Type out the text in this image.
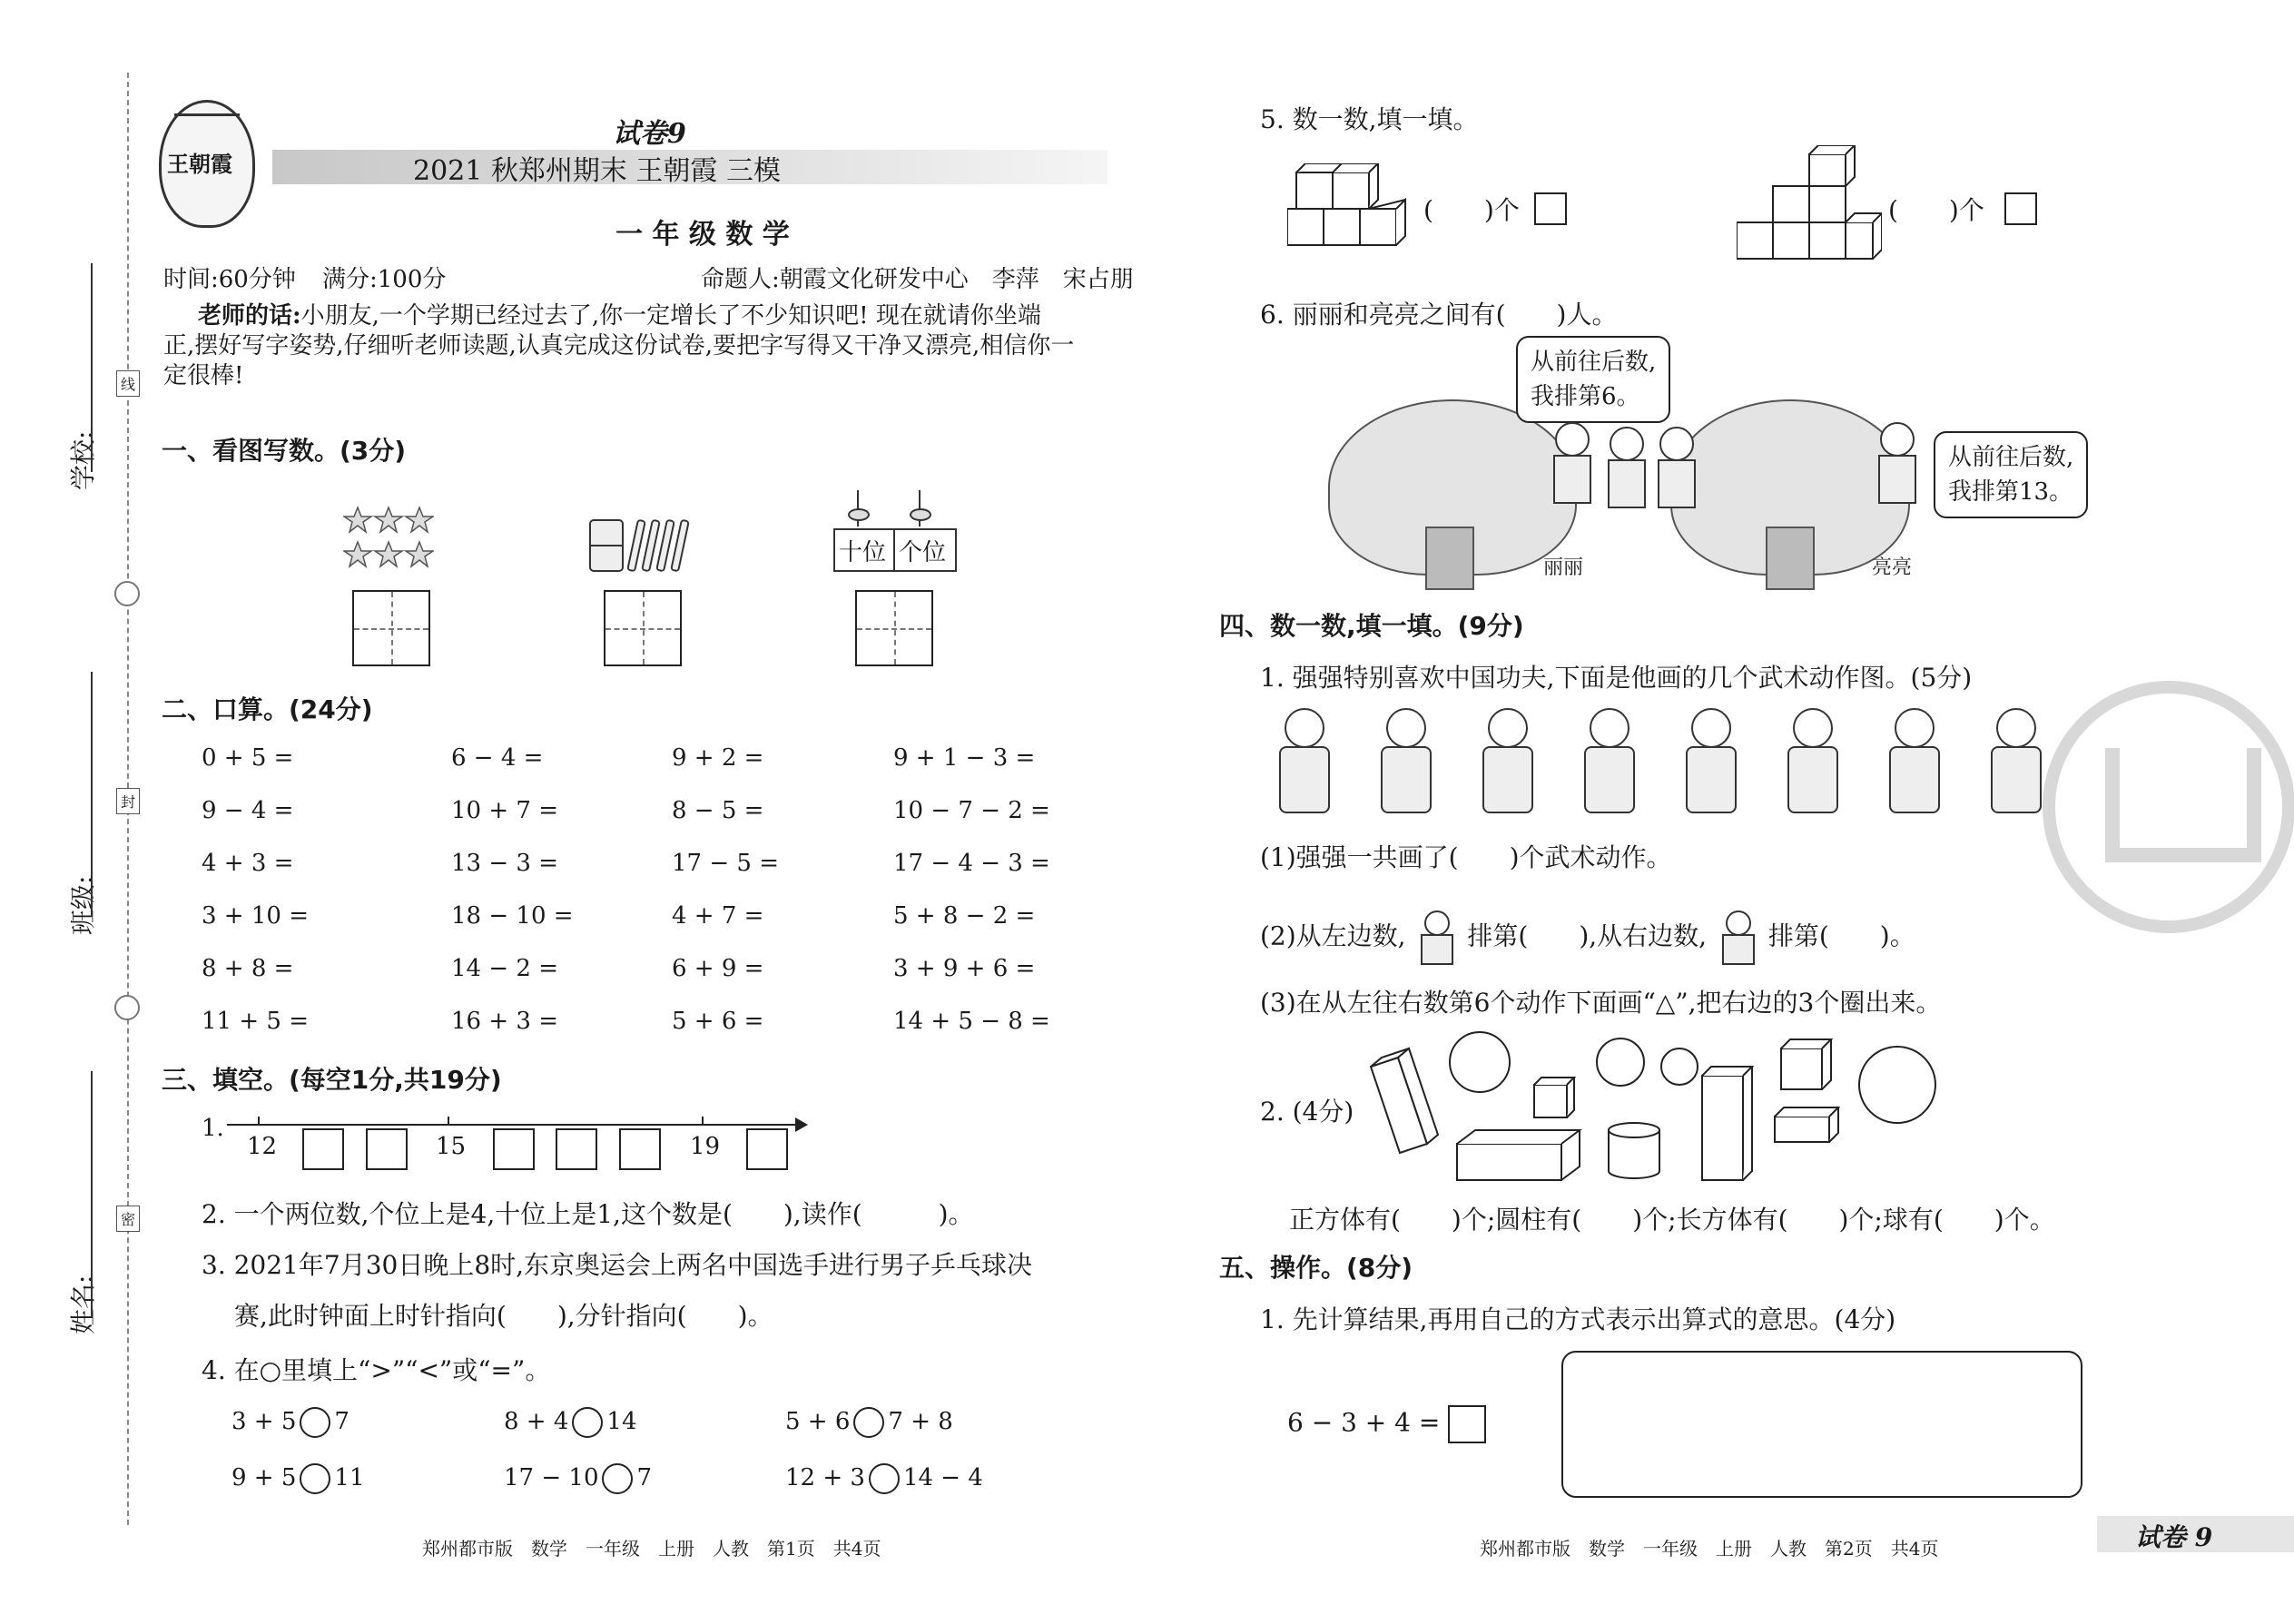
学校:
班级:
姓名:
线
封
密
王朝霞
试卷9
2021 秋郑州期末 王朝霞 三模
一 年 级 数 学
时间:60分钟 满分:100分	命题人:朝霞文化研发中心　李萍　宋占朋
老师的话:小朋友,一个学期已经过去了,你一定增长了不少知识吧! 现在就请你坐端
正,摆好写字姿势,仔细听老师读题,认真完成这份试卷,要把字写得又干净又漂亮,相信你一
定很棒!
一、看图写数。(3分)
十位 个位
二、口算。(24分)
0 + 5 =	6 − 4 =	9 + 2 =	9 + 1 − 3 =
9 − 4 =	10 + 7 =	8 − 5 =	10 − 7 − 2 =
4 + 3 =	13 − 3 =	17 − 5 =	17 − 4 − 3 =
3 + 10 =	18 − 10 =	4 + 7 =	5 + 8 − 2 =
8 + 8 =	14 − 2 =	6 + 9 =	3 + 9 + 6 =
11 + 5 =	16 + 3 =	5 + 6 =	14 + 5 − 8 =
三、填空。(每空1分,共19分)
1.
12	15	19
2. 一个两位数,个位上是4,十位上是1,这个数是(　　),读作(　　　)。
3. 2021年7月30日晚上8时,东京奥运会上两名中国选手进行男子乒乓球决
赛,此时钟面上时针指向(　　),分针指向(　　)。
4. 在○里填上“>”“<”或“=”。
3 + 5 7	8 + 4 14	5 + 6 7 + 8
9 + 5 11	17 − 10 7	12 + 3 14 − 4
郑州都市版　数学　一年级　上册　人教　第1页　共4页
5. 数一数,填一填。
(　　)个	(　　)个
6. 丽丽和亮亮之间有(　　)人。
从前往后数,
我排第6。
从前往后数,
我排第13。
丽丽	亮亮
四、数一数,填一填。(9分)
1. 强强特别喜欢中国功夫,下面是他画的几个武术动作图。(5分)
(1)强强一共画了(　　)个武术动作。
(2)从左边数, 排第(　　),从右边数, 排第(　　)。
(3)在从左往右数第6个动作下面画“△”,把右边的3个圈出来。
2. (4分)
正方体有(　　)个;圆柱有(　　)个;长方体有(　　)个;球有(　　)个。
五、操作。(8分)
1. 先计算结果,再用自己的方式表示出算式的意思。(4分)
6 − 3 + 4 =
郑州都市版　数学　一年级　上册　人教　第2页　共4页	试卷 9
